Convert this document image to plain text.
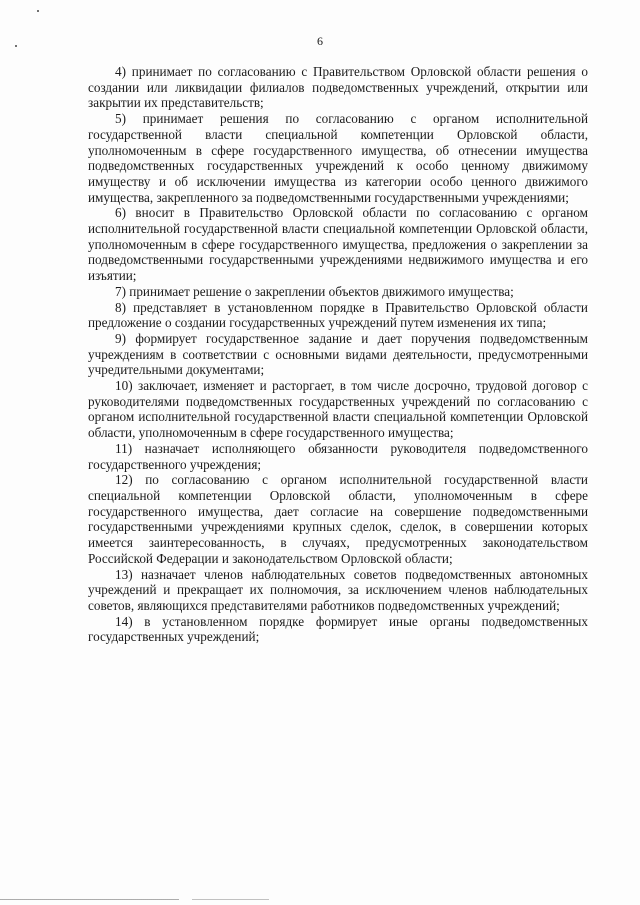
6

4) принимает по согласованию с Правительством Орловской области решения о создании или ликвидации филиалов подведомственных учреждений, открытии или закрытии их представительств;

5) принимает решения по согласованию с органом исполнительной государственной власти специальной компетенции Орловской области, уполномоченным в сфере государственного имущества, об отнесении имущества подведомственных государственных учреждений к особо ценному движимому имуществу и об исключении имущества из категории особо ценного движимого имущества, закрепленного за подведомственными государственными учреждениями;

6) вносит в Правительство Орловской области по согласованию с органом исполнительной государственной власти специальной компетенции Орловской области, уполномоченным в сфере государственного имущества, предложения о закреплении за подведомственными государственными учреждениями недвижимого имущества и его изъятии;

7) принимает решение о закреплении объектов движимого имущества;

8) представляет в установленном порядке в Правительство Орловской области предложение о создании государственных учреждений путем изменения их типа;

9) формирует государственное задание и дает поручения подведомственным учреждениям в соответствии с основными видами деятельности, предусмотренными учредительными документами;

10) заключает, изменяет и расторгает, в том числе досрочно, трудовой договор с руководителями подведомственных государственных учреждений по согласованию с органом исполнительной государственной власти специальной компетенции Орловской области, уполномоченным в сфере государственного имущества;

11) назначает исполняющего обязанности руководителя подведомственного государственного учреждения;

12) по согласованию с органом исполнительной государственной власти специальной компетенции Орловской области, уполномоченным в сфере государственного имущества, дает согласие на совершение подведомственными государственными учреждениями крупных сделок, сделок, в совершении которых имеется заинтересованность, в случаях, предусмотренных законодательством Российской Федерации и законодательством Орловской области;

13) назначает членов наблюдательных советов подведомственных автономных учреждений и прекращает их полномочия, за исключением членов наблюдательных советов, являющихся представителями работников подведомственных учреждений;

14) в установленном порядке формирует иные органы подведомственных государственных учреждений;
